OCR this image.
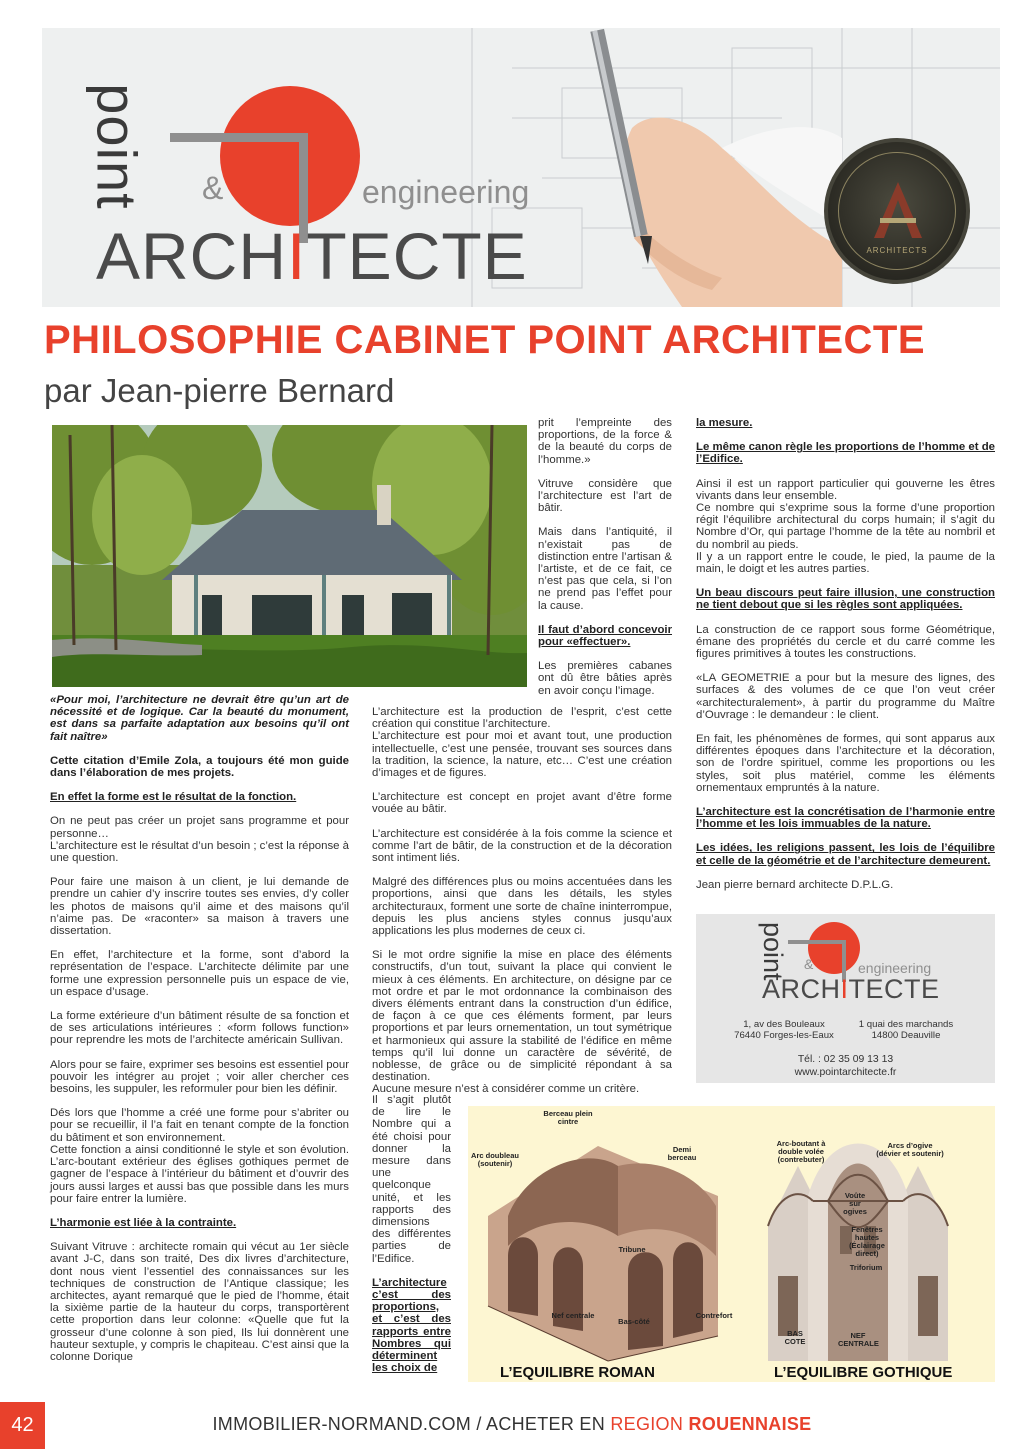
point &	engineering
ARCHITECTE	ARCHITECTS
PHILOSOPHIE CABINET POINT ARCHITECTE
par Jean-pierre Bernard

«Pour moi, l’architecture ne devrait être qu’un art de nécessité et de logique. Car la beauté du monument, est dans sa parfaite adaptation aux besoins qu’il ont fait naître»

Cette citation d’Emile Zola, a toujours été mon guide dans l’élaboration de mes projets.

En effet la forme est le résultat de la fonction.

On ne peut pas créer un projet sans programme et pour personne…

L’architecture est le résultat d’un besoin ; c’est la réponse à une question.

Pour faire une maison à un client, je lui demande de prendre un cahier d’y inscrire toutes ses envies, d’y coller les photos de maisons qu’il aime et des maisons qu’il n’aime pas. De «raconter» sa maison à travers une dissertation.

En effet, l’architecture et la forme, sont d’abord la représentation de l’espace. L’architecte délimite par une forme une expression personnelle puis un espace de vie, un espace d’usage.

La forme extérieure d’un bâtiment résulte de sa fonction et de ses articulations intérieures : «form follows function» pour reprendre les mots de l’architecte américain Sullivan.

Alors pour se faire, exprimer ses besoins est essentiel pour pouvoir les intégrer au projet ; voir aller chercher ces besoins, les suppuler, les reformuler pour bien les définir.

Dés lors que l’homme a créé une forme pour s’abriter ou pour se recueillir, il l’a fait en tenant compte de la fonction du bâtiment et son environnement.

Cette fonction a ainsi conditionné le style et son évolution. L’arc-boutant extérieur des églises gothiques permet de gagner de l’espace à l’intérieur du bâtiment et d’ouvrir des jours aussi larges et aussi bas que possible dans les murs pour faire entrer la lumière.

L’harmonie est liée à la contrainte.

Suivant Vitruve : architecte romain qui vécut au 1er siècle avant J-C, dans son traité, Des dix livres d’architecture, dont nous vient l’essentiel des connaissances sur les techniques de construction de l’Antique classique; les architectes, ayant remarqué que le pied de l’homme, était la sixième partie de la hauteur du corps, transportèrent cette proportion dans leur colonne: «Quelle que fut la grosseur d’une colonne à son pied, Ils lui donnèrent une hauteur sextuple, y compris le chapiteau. C’est ainsi que la colonne Dorique

prit l’empreinte des proportions, de la force & de la beauté du corps de l’homme.»

Vitruve considère que l’architecture est l’art de bâtir.

Mais dans l’antiquité, il n’existait pas de distinction entre l’artisan & l’artiste, et de ce fait, ce n’est pas que cela, si l’on ne prend pas l’effet pour la cause.

Il faut d’abord concevoir pour «effectuer».

Les premières cabanes ont dû être bâties après en avoir conçu l’image.

L’architecture est la production de l’esprit, c’est cette création qui constitue l’architecture.

L’architecture est pour moi et avant tout, une production intellectuelle, c’est une pensée, trouvant ses sources dans la tradition, la science, la nature, etc… C’est une création d’images et de figures.

L’architecture est concept en projet avant d’être forme vouée au bâtir.

L’architecture est considérée à la fois comme la science et comme l’art de bâtir, de la construction et de la décoration sont intiment liés.

Malgré des différences plus ou moins accentuées dans les proportions, ainsi que dans les détails, les styles architecturaux, forment une sorte de chaîne ininterrompue, depuis les plus anciens styles connus jusqu’aux applications les plus modernes de ceux ci.

Si le mot ordre signifie la mise en place des éléments constructifs, d’un tout, suivant la place qui convient le mieux à ces éléments. En architecture, on désigne par ce mot ordre et par le mot ordonnance la combinaison des divers éléments entrant dans la construction d’un édifice, de façon à ce que ces éléments forment, par leurs proportions et par leurs ornementation, un tout symétrique et harmonieux qui assure la stabilité de l’édifice en même temps qu’il lui donne un caractère de sévérité, de noblesse, de grâce ou de simplicité répondant à sa destination.

Aucune mesure n’est à considérer comme un critère.

Il s’agit plutôt de lire le Nombre qui a été choisi pour donner la mesure dans une quelconque unité, et les rapports des dimensions des différentes parties de l’Edifice.

L’architecture c’est des proportions, et c’est des rapports entre Nombres qui déterminent les choix de

la mesure.

Le même canon règle les proportions de l’homme et de l’Edifice.

Ainsi il est un rapport particulier qui gouverne les êtres vivants dans leur ensemble.

Ce nombre qui s’exprime sous la forme d’une proportion régit l’équilibre architectural du corps humain; il s’agit du Nombre d’Or, qui partage l’homme de la tête au nombril et du nombril au pieds.

Il y a un rapport entre le coude, le pied, la paume de la main, le doigt et les autres parties.

Un beau discours peut faire illusion, une construction ne tient debout que si les règles sont appliquées.

La construction de ce rapport sous forme Géométrique, émane des propriétés du cercle et du carré comme les figures primitives à toutes les constructions.

«LA GEOMETRIE a pour but la mesure des lignes, des surfaces & des volumes de ce que l’on veut créer «architecturalement», à partir du programme du Maître d’Ouvrage : le demandeur : le client.

En fait, les phénomènes de formes, qui sont apparus aux différentes époques dans l’architecture et la décoration, son de l’ordre spirituel, comme les proportions ou les styles, soit plus matériel, comme les éléments ornementaux empruntés à la nature.

L’architecture est la concrétisation de l’harmonie entre l’homme et les lois immuables de la nature.

Les idées, les religions passent, les lois de l’équilibre et celle de la géométrie et de l’architecture demeurent.

Jean pierre bernard architecte D.P.L.G.

point &	engineering
ARCHITECTE
1, av des Bouleaux
76440 Forges-les-Eaux
1 quai des marchands
14800 Deauville
Tél. : 02 35 09 13 13
www.pointarchitecte.fr
Berceau plein cintre
Arc doubleau (soutenir)
Demi berceau
Tribune
Nef centrale
Bas-côté
Contrefort
L’EQUILIBRE ROMAN
Arc-boutant à double volée (contrebuter)
Arcs d’ogive (dévier et soutenir)
Voûte sur ogives
Fenêtres hautes (Éclairage direct)
Triforium
BAS COTE
NEF CENTRALE
L’EQUILIBRE GOTHIQUE
42	IMMOBILIER-NORMAND.COM / ACHETER EN REGION ROUENNAISE
